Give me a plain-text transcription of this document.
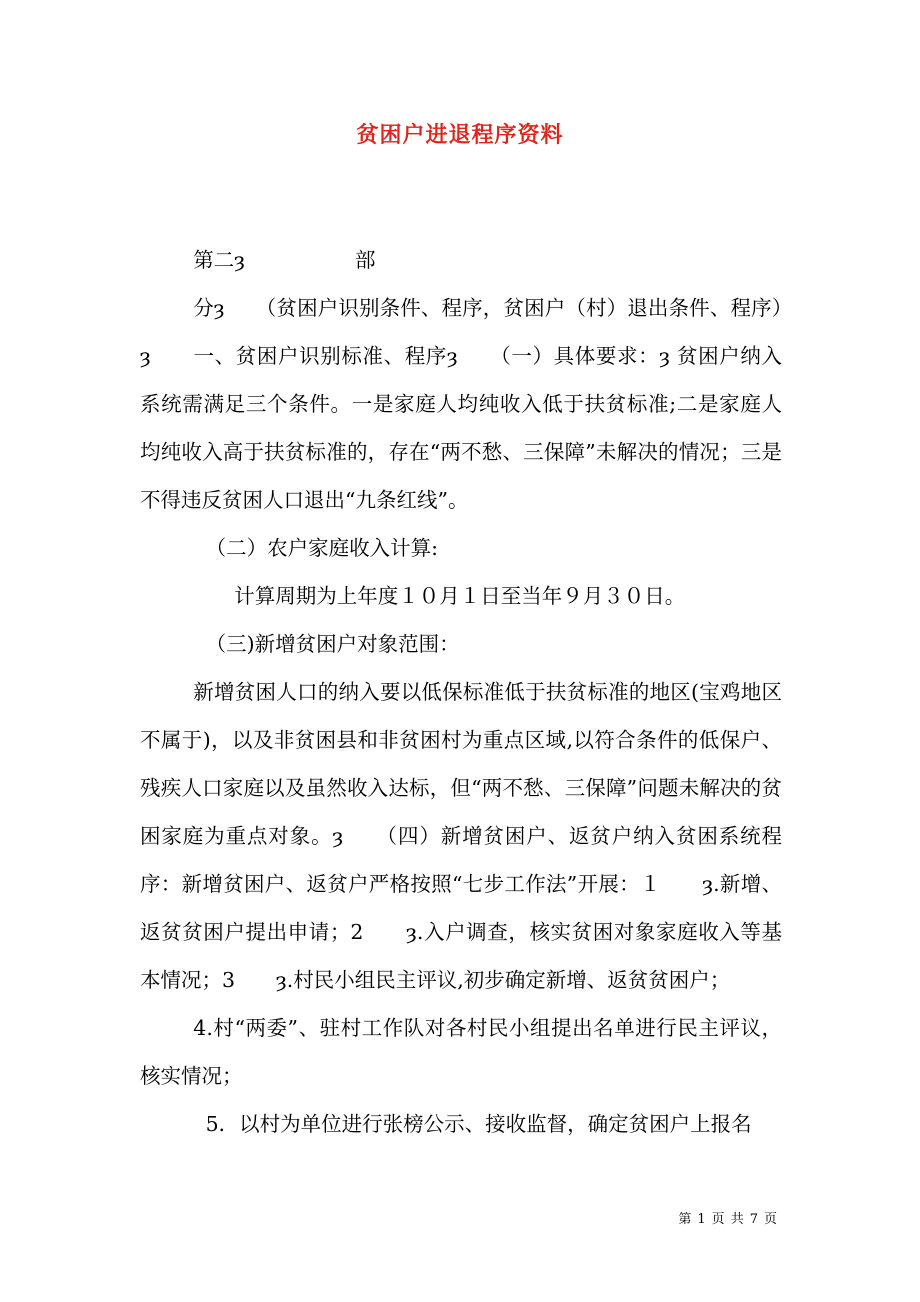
贫困户进退程序资料

第二ȝ	部

分ȝ　　（贫困户识别条件、程序，贫困户（村）退出条件、程序）ȝ　　一、贫困户识别标准、程序ȝ　　（一）具体要求：ȝ 贫困户纳入系统需满足三个条件。一是家庭人均纯收入低于扶贫标准;二是家庭人均纯收入高于扶贫标准的，存在“两不愁、三保障”未解决的情况；三是不得违反贫困人口退出“九条红线”。

（二）农户家庭收入计算:

计算周期为上年度１０月１日至当年９月３０日。

（三)新增贫困户对象范围：

新增贫困人口的纳入要以低保标准低于扶贫标准的地区(宝鸡地区不属于)，以及非贫困县和非贫困村为重点区域,以符合条件的低保户、残疾人口家庭以及虽然收入达标，但“两不愁、三保障”问题未解决的贫困家庭为重点对象。ȝ　　（四）新增贫困户、返贫户纳入贫困系统程序：新增贫困户、返贫户严格按照“七步工作法”开展：１　　ȝ.新增、返贫贫困户提出申请；2　　ȝ.入户调查，核实贫困对象家庭收入等基本情况；3　　ȝ.村民小组民主评议,初步确定新增、返贫贫困户；

4.村“两委”、驻村工作队对各村民小组提出名单进行民主评议，核实情况；

5．以村为单位进行张榜公示、接收监督，确定贫困户上报名

第 1 页 共 7 页
